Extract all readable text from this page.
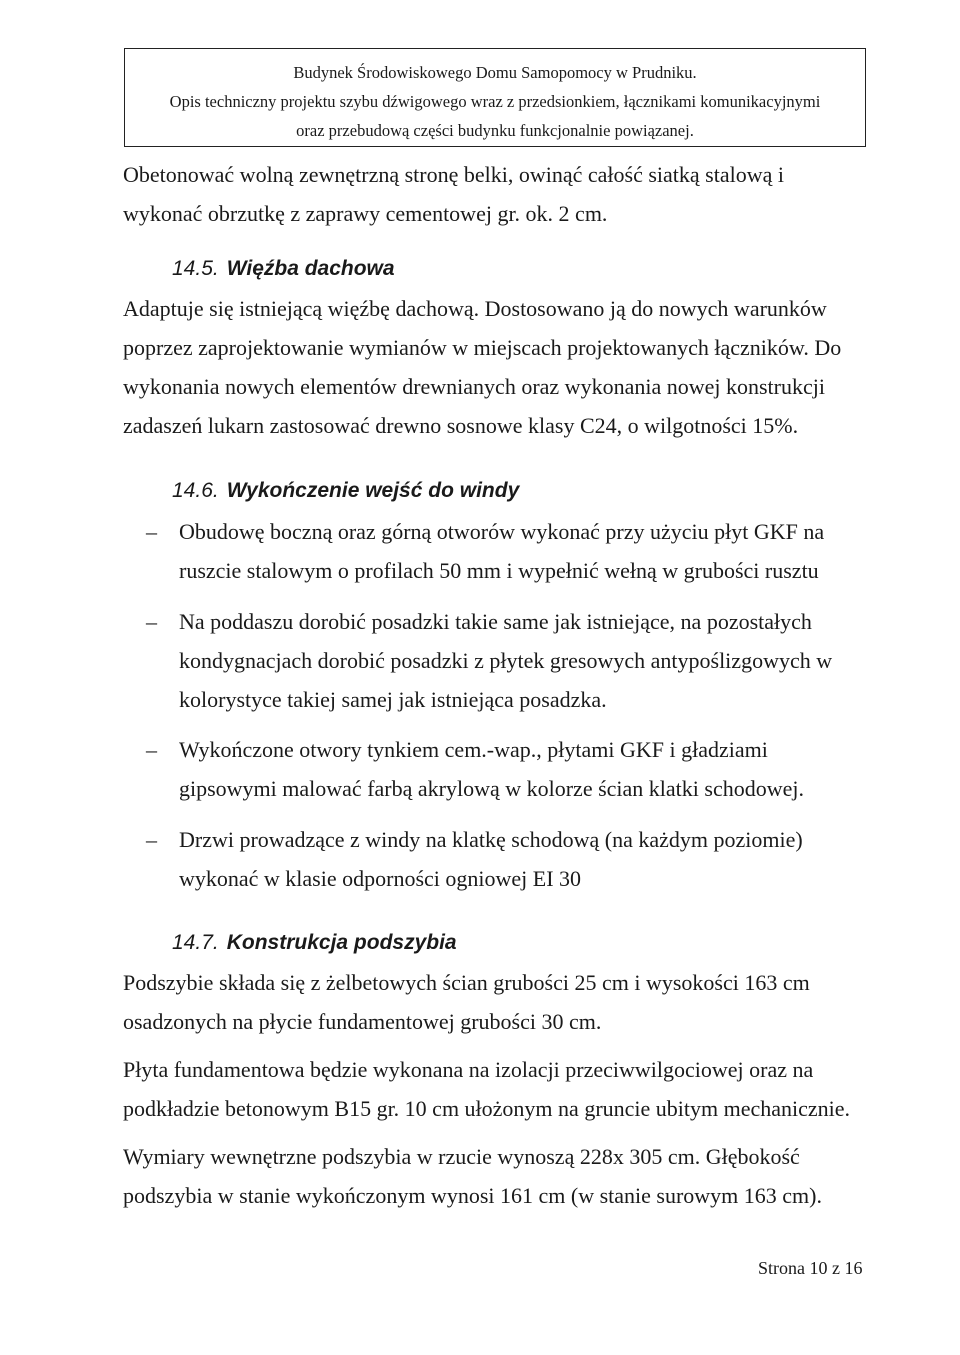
Budynek Środowiskowego Domu Samopomocy w Prudniku.
Opis techniczny projektu szybu dźwigowego wraz z przedsionkiem, łącznikami komunikacyjnymi
oraz przebudową części budynku funkcjonalnie powiązanej.
Obetonować wolną zewnętrzną stronę belki, owinąć całość siatką stalową i
wykonać obrzutkę z zaprawy cementowej gr. ok. 2 cm.
14.5. Więźba dachowa
Adaptuje się istniejącą więźbę dachową. Dostosowano ją do nowych warunków
poprzez zaprojektowanie wymianów w miejscach projektowanych łączników. Do
wykonania nowych elementów drewnianych oraz wykonania nowej konstrukcji
zadaszeń lukarn zastosować drewno sosnowe klasy C24, o wilgotności 15%.
14.6. Wykończenie wejść do windy
– Obudowę boczną oraz górną otworów wykonać przy użyciu płyt GKF na
ruszcie stalowym o profilach 50 mm i wypełnić wełną w grubości rusztu
– Na poddaszu dorobić posadzki takie same jak istniejące, na pozostałych
kondygnacjach dorobić posadzki z płytek gresowych antypoślizgowych w
kolorystyce takiej samej jak istniejąca posadzka.
– Wykończone otwory tynkiem cem.-wap., płytami GKF i gładziami
gipsowymi malować farbą akrylową w kolorze ścian klatki schodowej.
– Drzwi prowadzące z windy na klatkę schodową (na każdym poziomie)
wykonać w klasie odporności ogniowej EI 30
14.7. Konstrukcja podszybia
Podszybie składa się z żelbetowych ścian grubości 25 cm i wysokości 163 cm
osadzonych na płycie fundamentowej grubości 30 cm.
Płyta fundamentowa będzie wykonana na izolacji przeciwwilgociowej oraz na
podkładzie betonowym B15 gr. 10 cm ułożonym na gruncie ubitym mechanicznie.
Wymiary wewnętrzne podszybia w rzucie wynoszą 228x 305 cm. Głębokość
podszybia w stanie wykończonym wynosi 161 cm (w stanie surowym 163 cm).
Strona 10 z 16
